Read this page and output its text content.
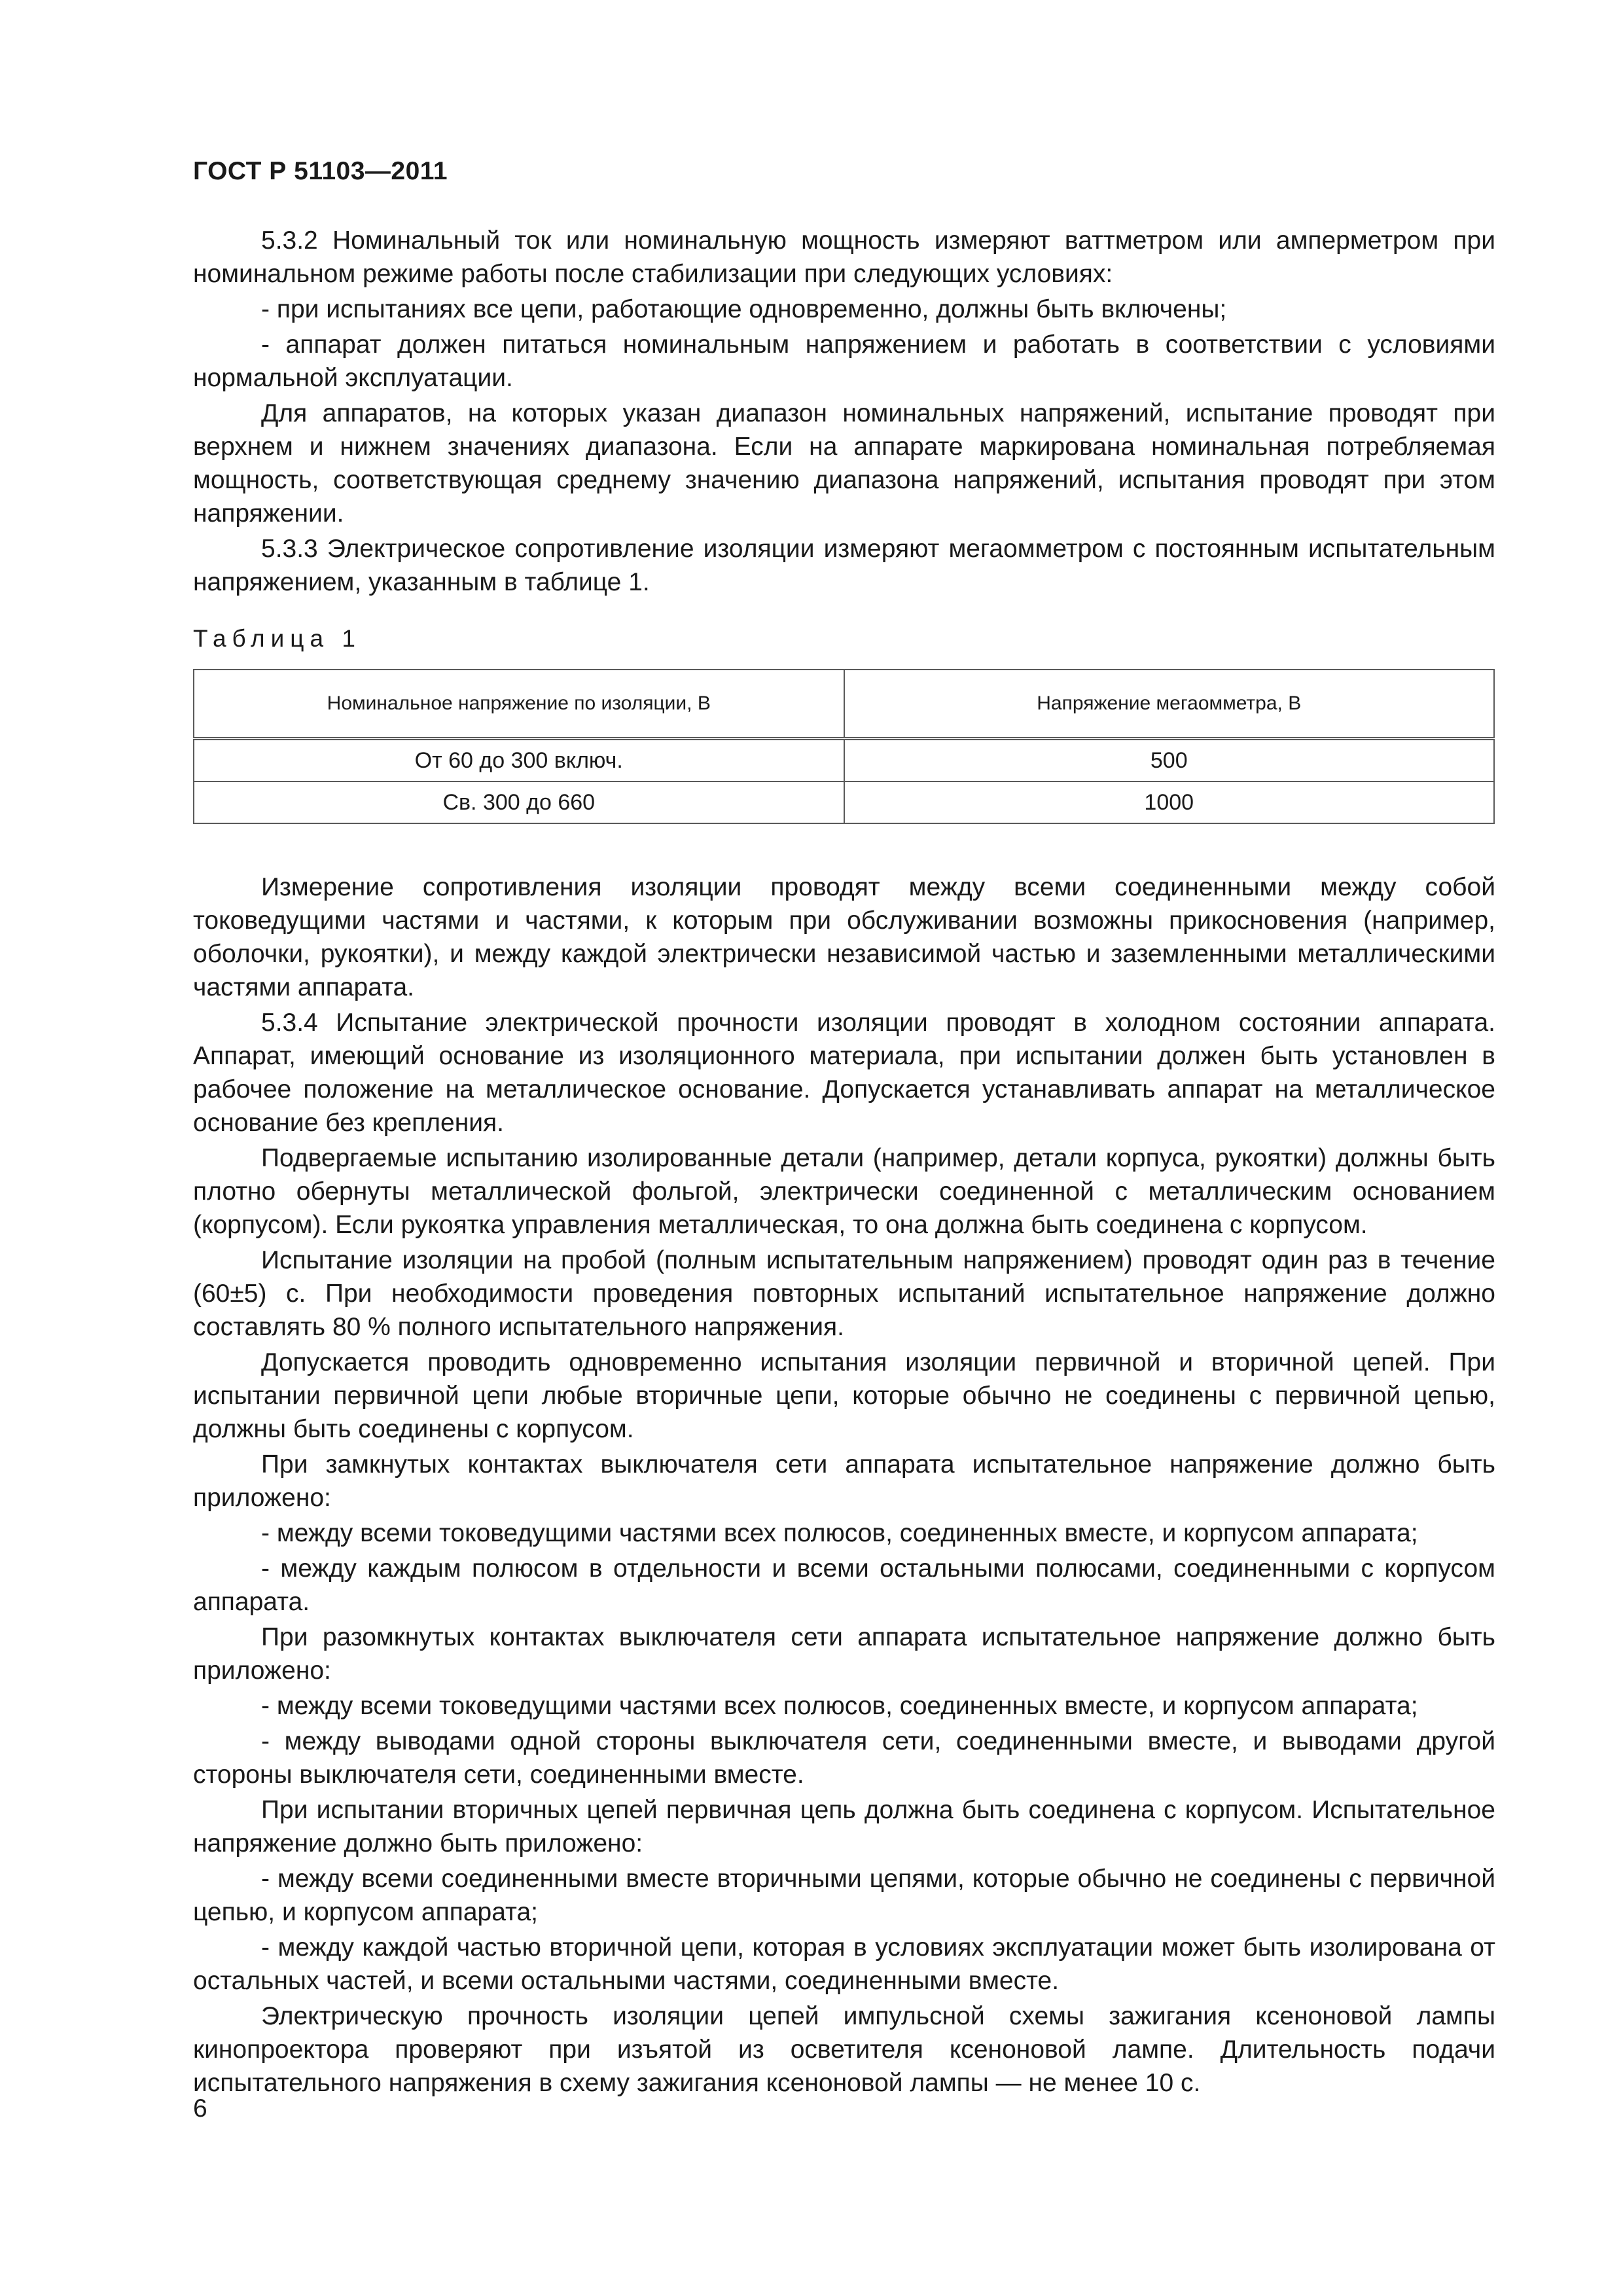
ГОСТ Р 51103—2011

5.3.2 Номинальный ток или номинальную мощность измеряют ваттметром или амперметром при номинальном режиме работы после стабилизации при следующих условиях:

- при испытаниях все цепи, работающие одновременно, должны быть включены;

- аппарат должен питаться номинальным напряжением и работать в соответствии с условиями нормальной эксплуатации.

Для аппаратов, на которых указан диапазон номинальных напряжений, испытание проводят при верхнем и нижнем значениях диапазона. Если на аппарате маркирована номинальная потребляемая мощность, соответствующая среднему значению диапазона напряжений, испытания проводят при этом напряжении.

5.3.3 Электрическое сопротивление изоляции измеряют мегаомметром с постоянным испытательным напряжением, указанным в таблице 1.

Таблица 1
Номинальное напряжение по изоляции, В	Напряжение мегаомметра, В
От 60 до 300 включ.	500
Св. 300 до 660	1000

Измерение сопротивления изоляции проводят между всеми соединенными между собой токоведущими частями и частями, к которым при обслуживании возможны прикосновения (например, оболочки, рукоятки), и между каждой электрически независимой частью и заземленными металлическими частями аппарата.

5.3.4 Испытание электрической прочности изоляции проводят в холодном состоянии аппарата. Аппарат, имеющий основание из изоляционного материала, при испытании должен быть установлен в рабочее положение на металлическое основание. Допускается устанавливать аппарат на металлическое основание без крепления.

Подвергаемые испытанию изолированные детали (например, детали корпуса, рукоятки) должны быть плотно обернуты металлической фольгой, электрически соединенной с металлическим основанием (корпусом). Если рукоятка управления металлическая, то она должна быть соединена с корпусом.

Испытание изоляции на пробой (полным испытательным напряжением) проводят один раз в течение (60±5) с. При необходимости проведения повторных испытаний испытательное напряжение должно составлять 80 % полного испытательного напряжения.

Допускается проводить одновременно испытания изоляции первичной и вторичной цепей. При испытании первичной цепи любые вторичные цепи, которые обычно не соединены с первичной цепью, должны быть соединены с корпусом.

При замкнутых контактах выключателя сети аппарата испытательное напряжение должно быть приложено:

- между всеми токоведущими частями всех полюсов, соединенных вместе, и корпусом аппарата;

- между каждым полюсом в отдельности и всеми остальными полюсами, соединенными с корпусом аппарата.

При разомкнутых контактах выключателя сети аппарата испытательное напряжение должно быть приложено:

- между всеми токоведущими частями всех полюсов, соединенных вместе, и корпусом аппарата;

- между выводами одной стороны выключателя сети, соединенными вместе, и выводами другой стороны выключателя сети, соединенными вместе.

При испытании вторичных цепей первичная цепь должна быть соединена с корпусом. Испытательное напряжение должно быть приложено:

- между всеми соединенными вместе вторичными цепями, которые обычно не соединены с первичной цепью, и корпусом аппарата;

- между каждой частью вторичной цепи, которая в условиях эксплуатации может быть изолирована от остальных частей, и всеми остальными частями, соединенными вместе.

Электрическую прочность изоляции цепей импульсной схемы зажигания ксеноновой лампы кинопроектора проверяют при изъятой из осветителя ксеноновой лампе. Длительность подачи испытательного напряжения в схему зажигания ксеноновой лампы — не менее 10 с.

6
